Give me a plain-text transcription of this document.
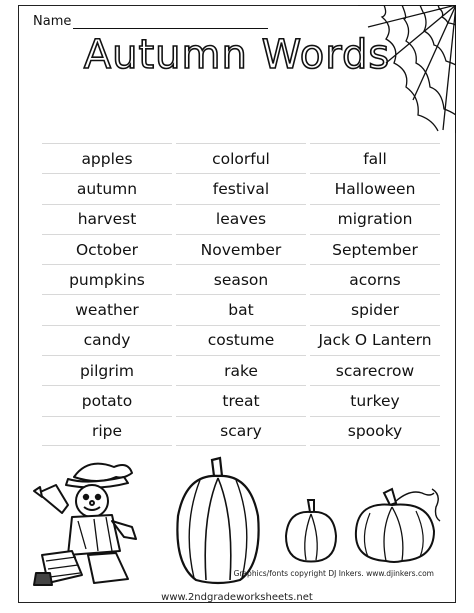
Name
Autumn Words
apples	colorful	fall
autumn	festival	Halloween
harvest	leaves	migration
October	November	September
pumpkins	season	acorns
weather	bat	spider
candy	costume	Jack O Lantern
pilgrim	rake	scarecrow
potato	treat	turkey
ripe	scary	spooky
Graphics/fonts copyright DJ Inkers. www.djinkers.com
www.2ndgradeworksheets.net
